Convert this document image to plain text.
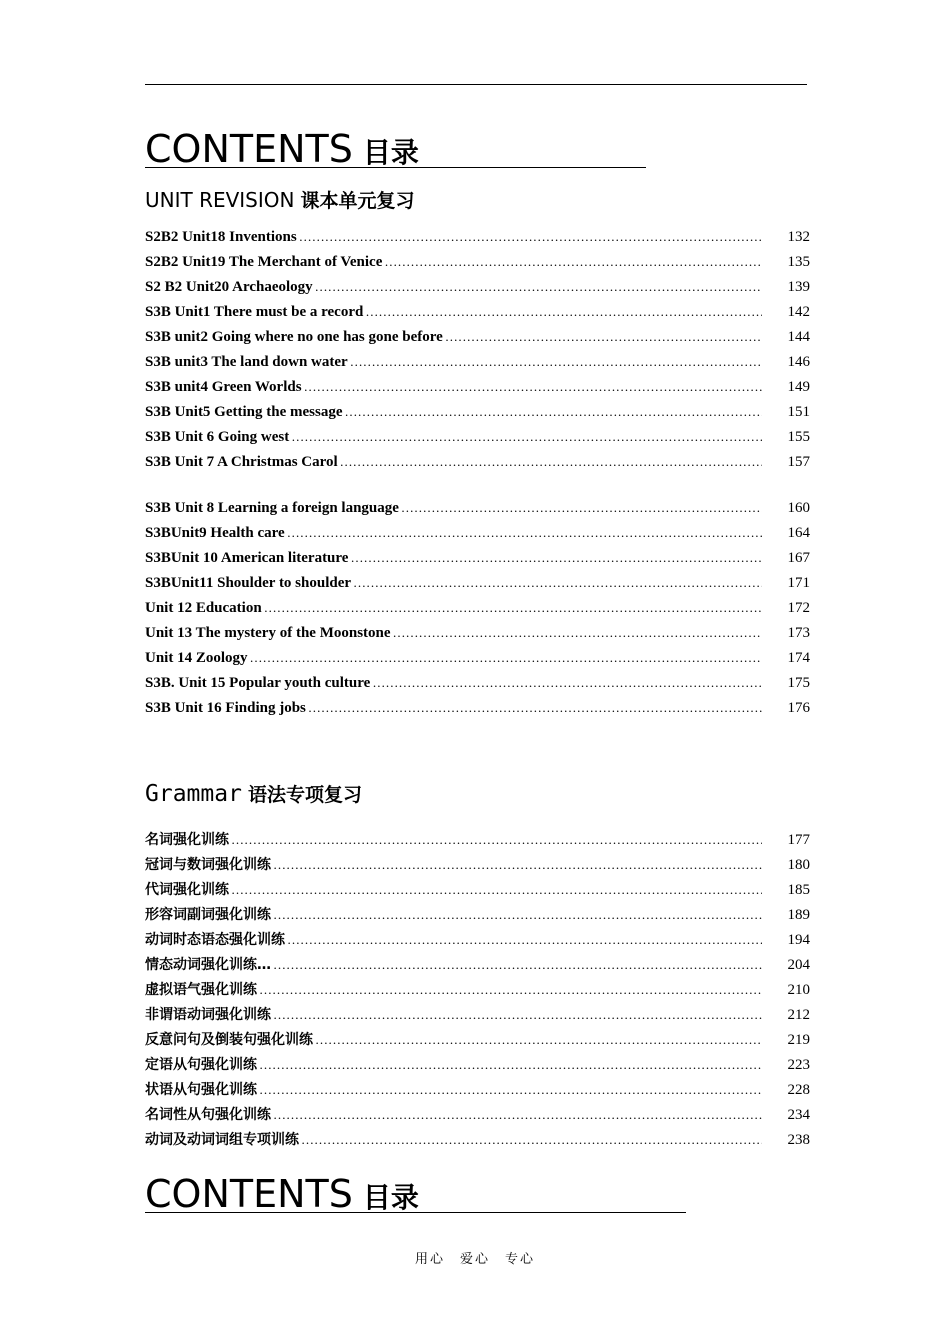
CONTENTS 目录
UNIT REVISION 课本单元复习
S2B2 Unit18 Inventions …………………………………………………………………………………………………………………………………………………………………………………	132
S2B2 Unit19 The Merchant of Venice …………………………………………………………………………………………………………………………………………………………………………………	135
S2 B2 Unit20 Archaeology …………………………………………………………………………………………………………………………………………………………………………………	139
S3B Unit1 There must be a record …………………………………………………………………………………………………………………………………………………………………………………	142
S3B unit2 Going where no one has gone before …………………………………………………………………………………………………………………………………………………………………………………	144
S3B unit3 The land down water …………………………………………………………………………………………………………………………………………………………………………………	146
S3B unit4 Green Worlds …………………………………………………………………………………………………………………………………………………………………………………	149
S3B Unit5 Getting the message …………………………………………………………………………………………………………………………………………………………………………………	151
S3B Unit 6 Going west …………………………………………………………………………………………………………………………………………………………………………………	155
S3B Unit 7 A Christmas Carol …………………………………………………………………………………………………………………………………………………………………………………	157
S3B Unit 8 Learning a foreign language …………………………………………………………………………………………………………………………………………………………………………………	160
S3BUnit9 Health care …………………………………………………………………………………………………………………………………………………………………………………	164
S3BUnit 10 American literature …………………………………………………………………………………………………………………………………………………………………………………	167
S3BUnit11 Shoulder to shoulder …………………………………………………………………………………………………………………………………………………………………………………	171
Unit 12 Education …………………………………………………………………………………………………………………………………………………………………………………	172
Unit 13 The mystery of the Moonstone …………………………………………………………………………………………………………………………………………………………………………………	173
Unit 14 Zoology …………………………………………………………………………………………………………………………………………………………………………………	174
S3B. Unit 15 Popular youth culture …………………………………………………………………………………………………………………………………………………………………………………	175
S3B Unit 16 Finding jobs …………………………………………………………………………………………………………………………………………………………………………………	176
Grammar 语法专项复习
名词强化训练 …………………………………………………………………………………………………………………………………………………………………………………	177
冠词与数词强化训练 …………………………………………………………………………………………………………………………………………………………………………………	180
代词强化训练 …………………………………………………………………………………………………………………………………………………………………………………	185
形容词副词强化训练 …………………………………………………………………………………………………………………………………………………………………………………	189
动词时态语态强化训练 …………………………………………………………………………………………………………………………………………………………………………………	194
情态动词强化训练… …………………………………………………………………………………………………………………………………………………………………………………	204
虚拟语气强化训练 …………………………………………………………………………………………………………………………………………………………………………………	210
非谓语动词强化训练 …………………………………………………………………………………………………………………………………………………………………………………	212
反意问句及倒装句强化训练 …………………………………………………………………………………………………………………………………………………………………………………	219
定语从句强化训练 …………………………………………………………………………………………………………………………………………………………………………………	223
状语从句强化训练 …………………………………………………………………………………………………………………………………………………………………………………	228
名词性从句强化训练 …………………………………………………………………………………………………………………………………………………………………………………	234
动词及动词词组专项训练 …………………………………………………………………………………………………………………………………………………………………………………	238
CONTENTS 目录
用心　爱心　专心
